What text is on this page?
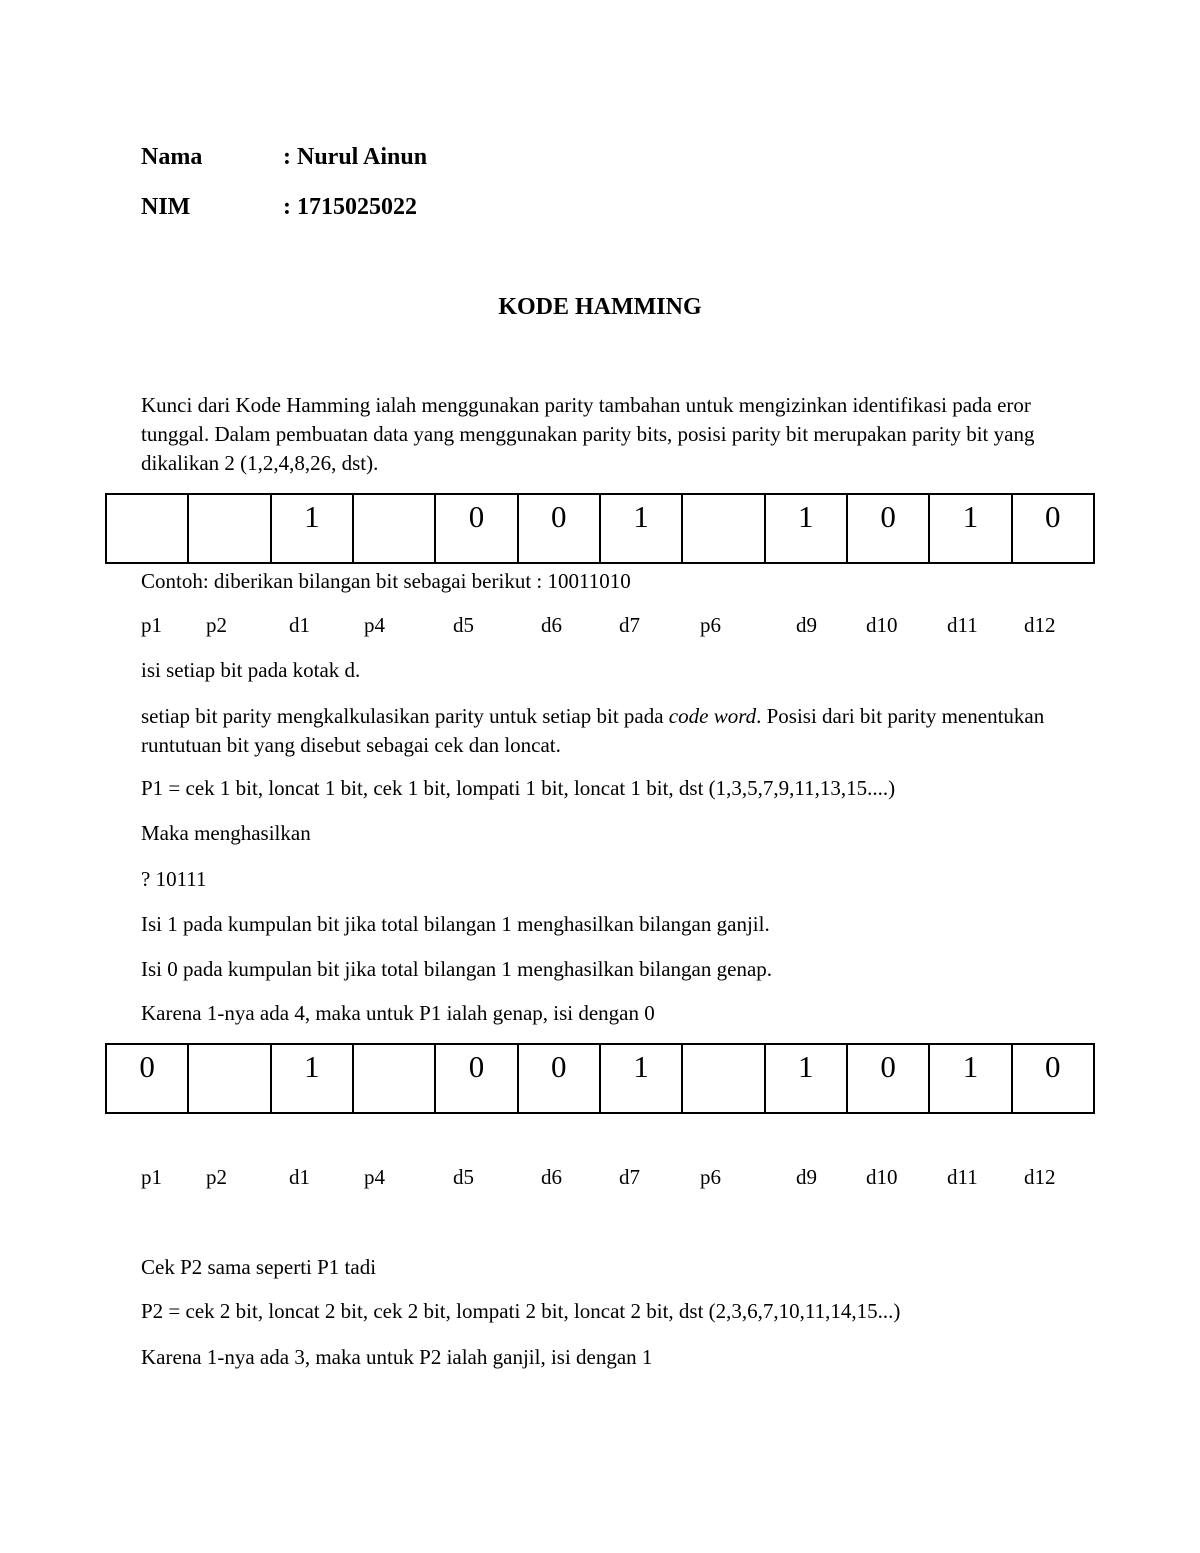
Nama	: Nurul Ainun
NIM	: 1715025022
KODE HAMMING
Kunci dari Kode Hamming ialah menggunakan parity tambahan untuk mengizinkan identifikasi pada eror tunggal. Dalam pembuatan data yang menggunakan parity bits, posisi parity bit merupakan parity bit yang dikalikan 2 (1,2,4,8,26, dst).
		1		0	0	1		1	0	1	0
Contoh: diberikan bilangan bit sebagai berikut : 10011010
p1 p2	d1	p4	d5	d6	d7	p6	d9 d10 d11 d12
isi setiap bit pada kotak d.
setiap bit parity mengkalkulasikan parity untuk setiap bit pada code word. Posisi dari bit parity menentukan runtutuan bit yang disebut sebagai cek dan loncat.
P1 = cek 1 bit, loncat 1 bit, cek 1 bit, lompati 1 bit, loncat 1 bit, dst (1,3,5,7,9,11,13,15....)
Maka menghasilkan
? 10111
Isi 1 pada kumpulan bit jika total bilangan 1 menghasilkan bilangan ganjil.
Isi 0 pada kumpulan bit jika total bilangan 1 menghasilkan bilangan genap.
Karena 1-nya ada 4, maka untuk P1 ialah genap, isi dengan 0
0		1		0	0	1		1	0	1	0
p1 p2	d1	p4	d5	d6	d7	p6	d9 d10 d11 d12
Cek P2 sama seperti P1 tadi
P2 = cek 2 bit, loncat 2 bit, cek 2 bit, lompati 2 bit, loncat 2 bit, dst (2,3,6,7,10,11,14,15...)
Karena 1-nya ada 3, maka untuk P2 ialah ganjil, isi dengan 1
